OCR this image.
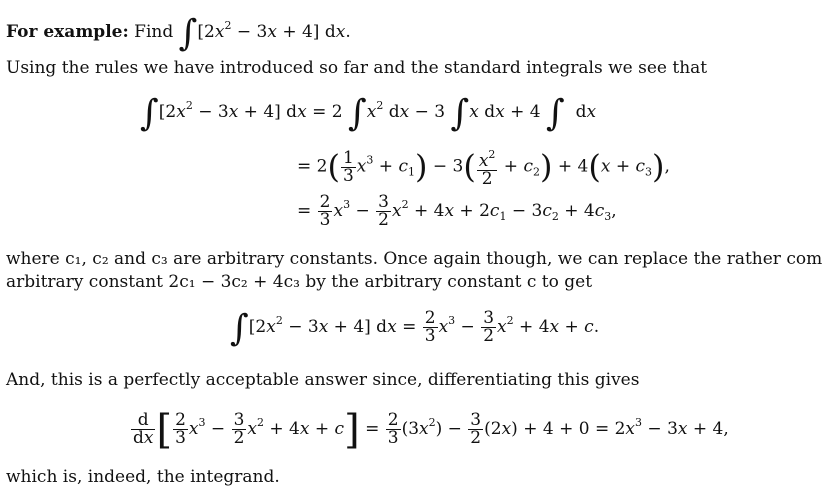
For example: Find $\int[2x^2 - 3x + 4]$ dx.
Using the rules we have introduced so far and the standard integrals we see that
$\int[2x^2 - 3x + 4]$ dx = 2 $\int x^2$ dx − 3 ∫x dx + 4 ∫  dx
= $2( \frac{1}{3} x^3 + c_1) - 3( \frac{x^2}{2} + c_2) + 4(x + c_3)$,
= $\frac{2}{3} x^3 - \frac{3}{2} x^2 + 4x + 2c_1 - 3c_2 + 4c_3$,
where c₁, c₂ and c₃ are arbitrary constants. Once again though, we can replace the rather com
arbitrary constant 2c₁ − 3c₂ + 4c₃ by the arbitrary constant c to get
$\int[2x^2 - 3x + 4]$ dx = $\frac{2}{3} x^3 - \frac{3}{2} x^2 + 4x + c$.
And, this is a perfectly acceptable answer since, differentiating this gives
$\frac{d}{dx}$ [ $\frac{2}{3} x^3 - \frac{3}{2} x^2 + 4x + c] = \frac{2}{3} (3x^2) - \frac{3}{2} (2x) + 4 + 0 = 2x^3 - 3x + 4$,
which is, indeed, the integrand.
